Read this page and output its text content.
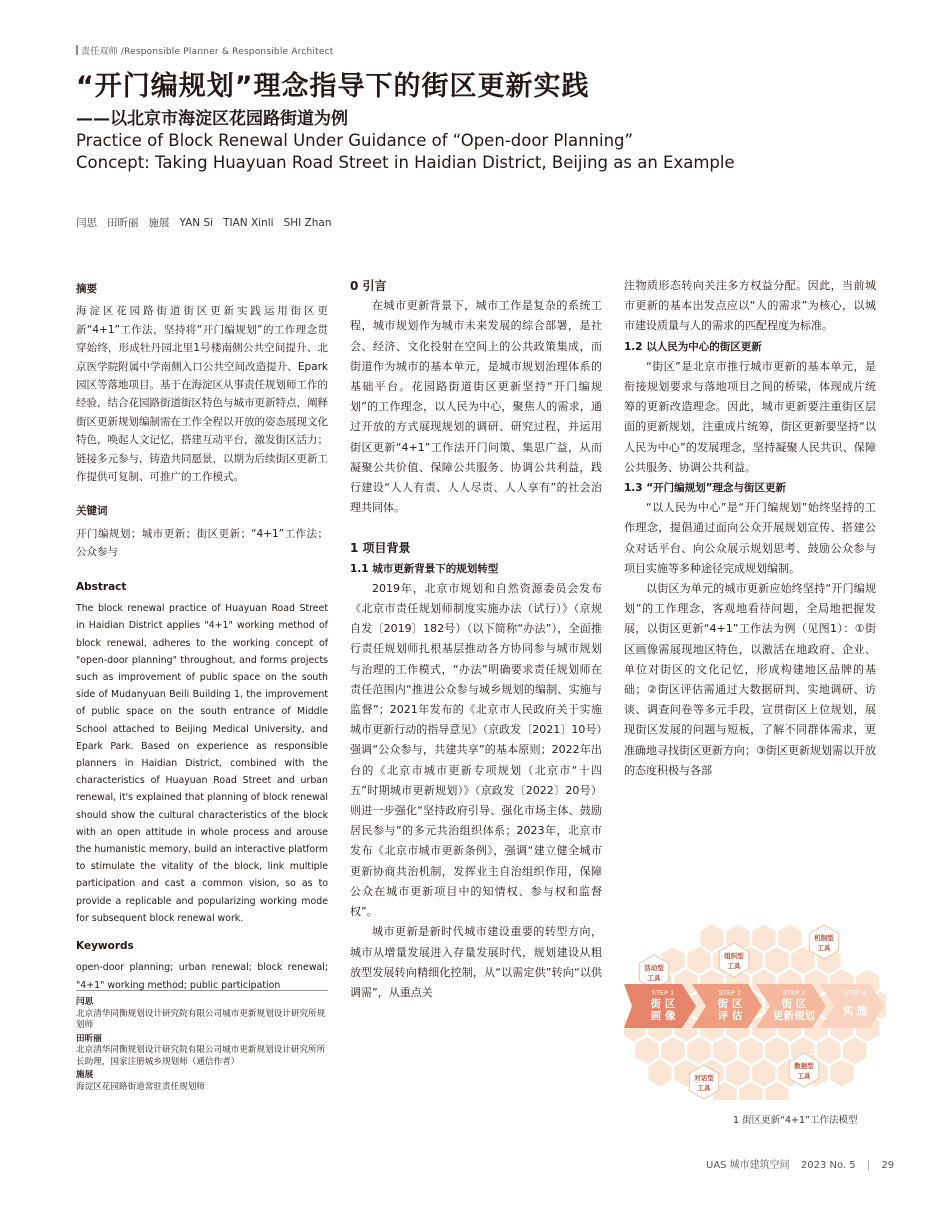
责任双师 /Responsible Planner & Responsible Architect
“开门编规划”理念指导下的街区更新实践
——以北京市海淀区花园路街道为例
Practice of Block Renewal Under Guidance of “Open-door Planning”
Concept: Taking Huayuan Road Street in Haidian District, Beijing as an Example
闫思 田昕丽 施展 YAN Si TIAN Xinli SHI Zhan

摘要

海淀区花园路街道街区更新实践运用街区更新“4+1”工作法，坚持将“开门编规划”的工作理念贯穿始终，形成牡丹园北里1号楼南侧公共空间提升、北京医学院附属中学南侧入口公共空间改造提升、Epark园区等落地项目。基于在海淀区从事责任规划师工作的经验，结合花园路街道街区特色与城市更新特点，阐释街区更新规划编制需在工作全程以开放的姿态展现文化特色，唤起人文记忆，搭建互动平台，激发街区活力；链接多元参与，铸造共同愿景，以期为后续街区更新工作提供可复制、可推广的工作模式。

关键词

开门编规划；城市更新；街区更新；“4+1”工作法；公众参与

Abstract

The block renewal practice of Huayuan Road Street in Haidian District applies "4+1" working method of block renewal, adheres to the working concept of "open-door planning" throughout, and forms projects such as improvement of public space on the south side of Mudanyuan Beili Building 1, the improvement of public space on the south entrance of Middle School attached to Beijing Medical University, and Epark Park. Based on experience as responsible planners in Haidian District, combined with the characteristics of Huayuan Road Street and urban renewal, it's explained that planning of block renewal should show the cultural characteristics of the block with an open attitude in whole process and arouse the humanistic memory, build an interactive platform to stimulate the vitality of the block, link multiple participation and cast a common vision, so as to provide a replicable and popularizing working mode for subsequent block renewal work.

Keywords

open-door planning; urban renewal; block renewal; "4+1" working method; public participation

闫思
北京清华同衡规划设计研究院有限公司城市更新规划设计研究所规划师
田昕丽
北京清华同衡规划设计研究院有限公司城市更新规划设计研究所所长助理，国家注册城乡规划师（通信作者）
施展
海淀区花园路街道常驻责任规划师

0 引言

在城市更新背景下，城市工作是复杂的系统工程，城市规划作为城市未来发展的综合部署，是社会、经济、文化投射在空间上的公共政策集成，而街道作为城市的基本单元，是城市规划治理体系的基础平台。花园路街道街区更新坚持“开门编规划”的工作理念，以人民为中心，聚焦人的需求，通过开放的方式展现规划的调研、研究过程，并运用街区更新“4+1”工作法开门问策、集思广益，从而凝聚公共价值、保障公共服务、协调公共利益，践行建设“人人有责、人人尽责、人人享有”的社会治理共同体。

1 项目背景

1.1 城市更新背景下的规划转型

2019年，北京市规划和自然资源委员会发布《北京市责任规划师制度实施办法（试行）》（京规自发〔2019〕182号）（以下简称“办法”），全面推行责任规划师扎根基层推动各方协同参与城市规划与治理的工作模式，“办法”明确要求责任规划师在责任范围内“推进公众参与城乡规划的编制、实施与监督”；2021年发布的《北京市人民政府关于实施城市更新行动的指导意见》（京政发〔2021〕10号）强调“公众参与，共建共享”的基本原则；2022年出台的《北京市城市更新专项规划（北京市“十四五”时期城市更新规划）》（京政发〔2022〕20号）则进一步强化“坚持政府引导、强化市场主体、鼓励居民参与”的多元共治组织体系；2023年，北京市发布《北京市城市更新条例》，强调“建立健全城市更新协商共治机制，发挥业主自治组织作用，保障公众在城市更新项目中的知情权、参与权和监督权”。

城市更新是新时代城市建设重要的转型方向，城市从增量发展进入存量发展时代，规划建设从粗放型发展转向精细化控制，从“以需定供”转向“以供调需”，从重点关

注物质形态转向关注多方权益分配。因此，当前城市更新的基本出发点应以“人的需求”为核心，以城市建设质量与人的需求的匹配程度为标准。

1.2 以人民为中心的街区更新

“街区”是北京市推行城市更新的基本单元，是衔接规划要求与落地项目之间的桥梁，体现成片统筹的更新改造理念。因此，城市更新要注重街区层面的更新规划，注重成片统筹，街区更新要坚持“以人民为中心”的发展理念，坚持凝聚人民共识、保障公共服务、协调公共利益。

1.3 “开门编规划”理念与街区更新

“以人民为中心”是“开门编规划”始终坚持的工作理念，提倡通过面向公众开展规划宣传、搭建公众对话平台、向公众展示规划思考、鼓励公众参与项目实施等多种途径完成规划编制。

以街区为单元的城市更新应始终坚持“开门编规划”的工作理念，客观地看待问题，全局地把握发展，以街区更新“4+1”工作法为例（见图1）：①街区画像需展现地区特色，以激活在地政府、企业、单位对街区的文化记忆，形成构建地区品牌的基础；②街区评估需通过大数据研判、实地调研、访谈、调查问卷等多元手段，宣贯街区上位规划，展现街区发展的问题与短板，了解不同群体需求，更准确地寻找街区更新方向；③街区更新规划需以开放的态度积极与各部

活动型
工具
组织型
工具
机制型
工具
对话型
工具
数据型
工具
STEP 1
街 区
画 像
STEP 2
街 区
评 估
STEP 3
街 区
更新规划
STEP 4
实 施
1 街区更新“4+1”工作法模型
UAS 城市建筑空间 2023 No. 5 | 29
